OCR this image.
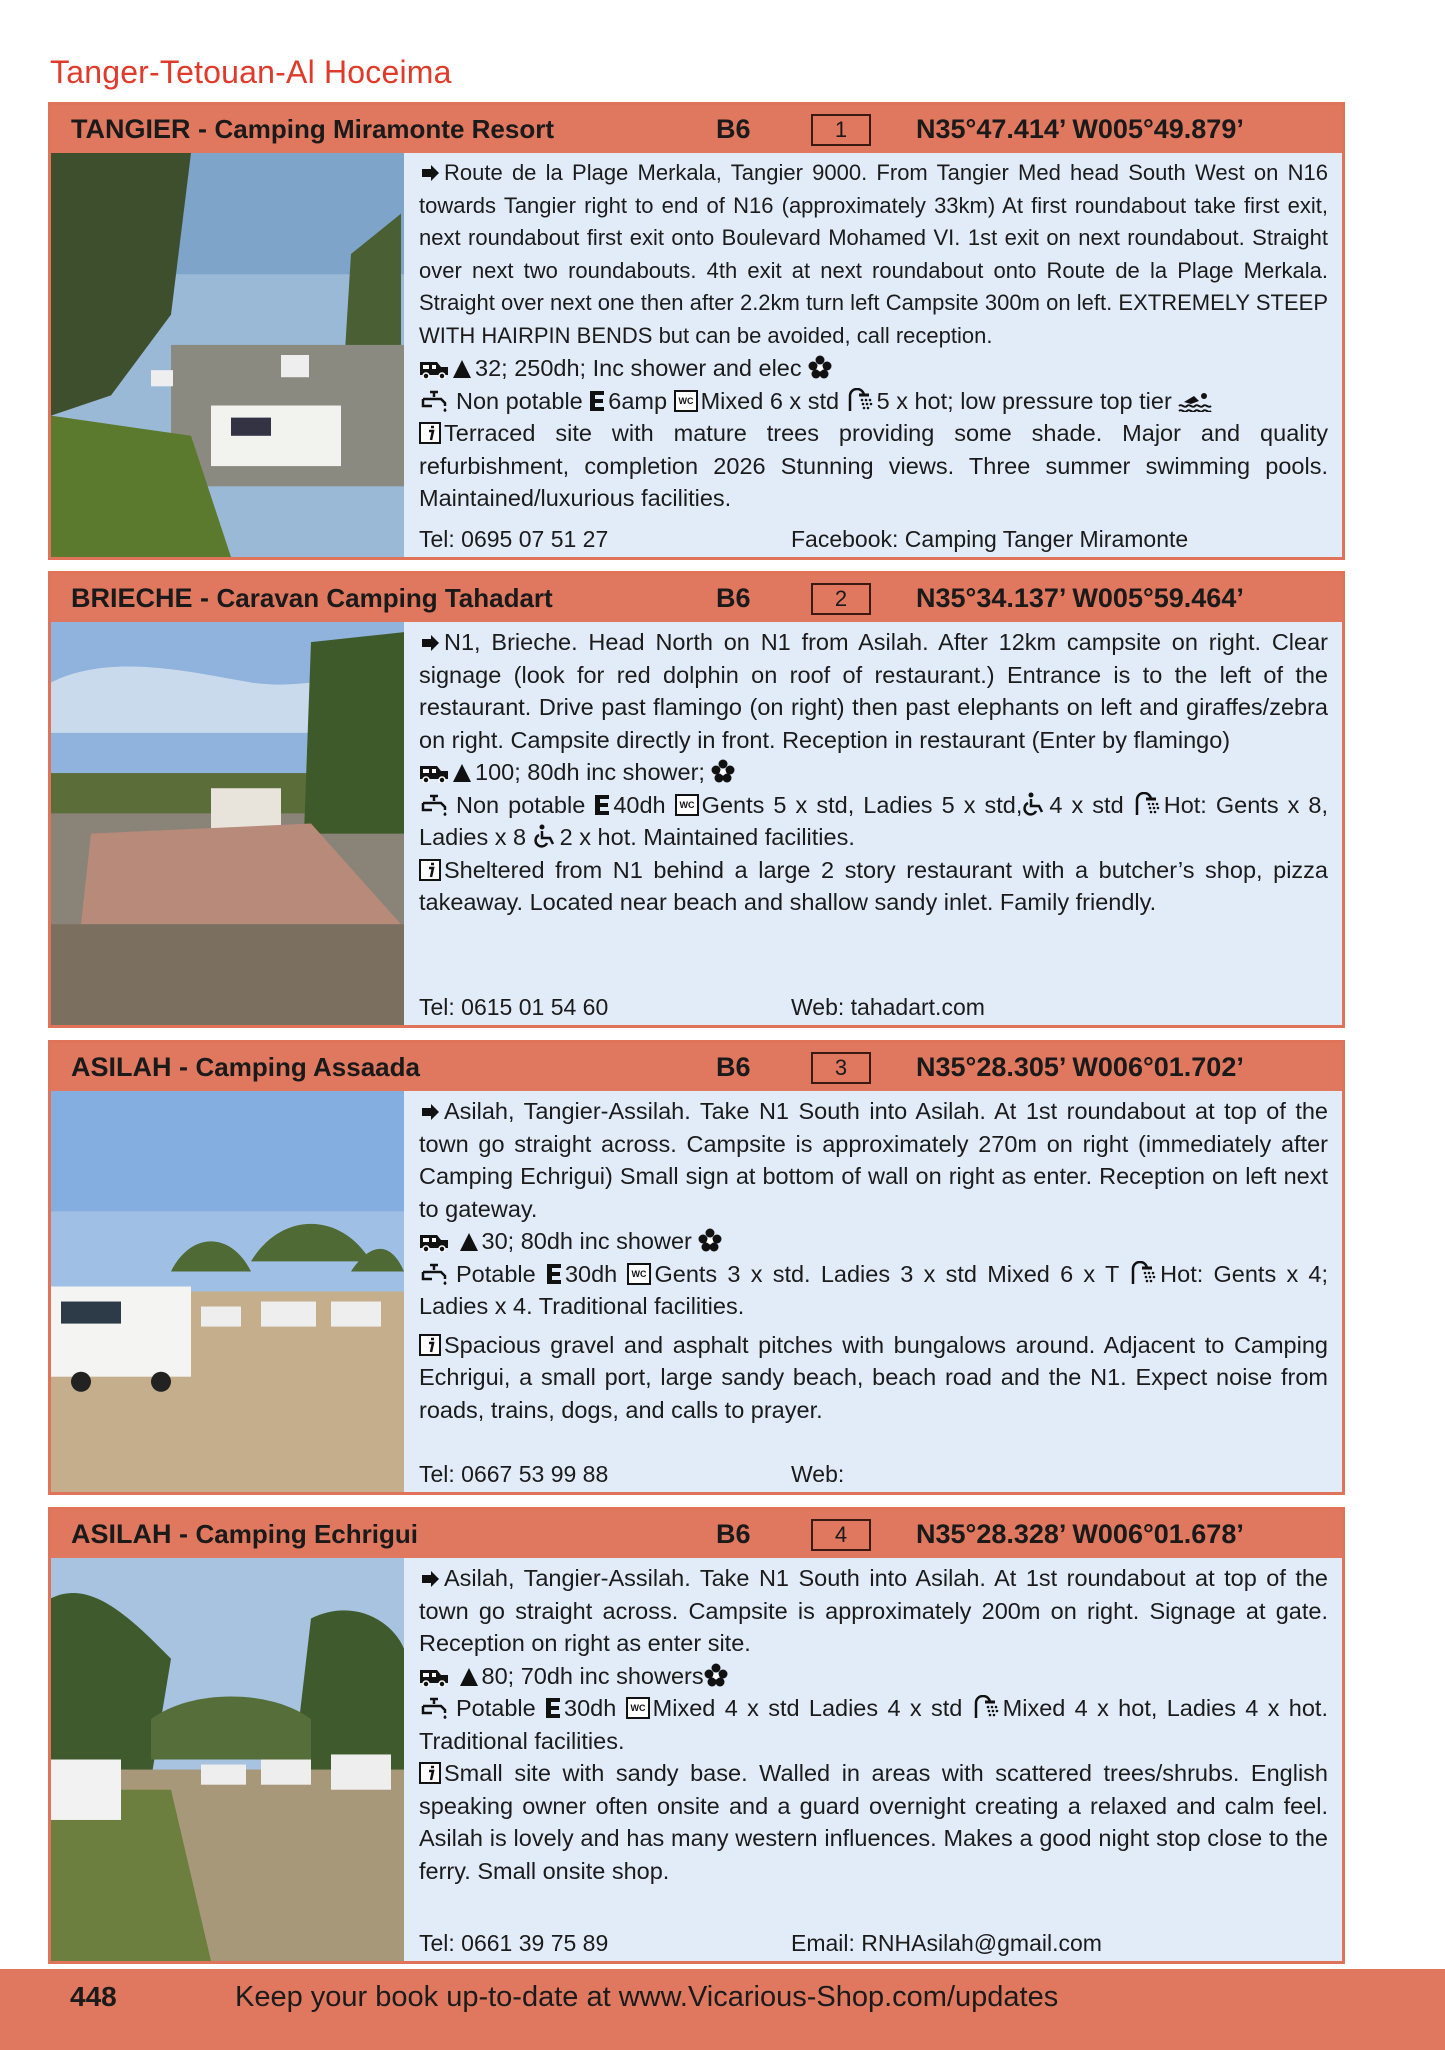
Tanger-Tetouan-Al Hoceima
TANGIER - Camping Miramonte Resort	B6	1	N35°47.414’ W005°49.879’

Route de la Plage Merkala, Tangier 9000. From Tangier Med head South West on N16 towards Tangier right to end of N16 (approximately 33km) At first roundabout take first exit, next roundabout first exit onto Boulevard Mohamed VI. 1st exit on next roundabout. Straight over next two roundabouts. 4th exit at next roundabout onto Route de la Plage Merkala. Straight over next one then after 2.2km turn left Campsite 300m on left. EXTREMELY STEEP WITH HAIRPIN BENDS but can be avoided, call reception.

32; 250dh; Inc shower and elec

Non potable 6amp Mixed 6 x std 5 x hot; low pressure top tier

Terraced site with mature trees providing some shade. Major and quality refurbishment, completion 2026 Stunning views. Three summer swimming pools. Maintained/luxurious facilities.

Tel: 0695 07 51 27	Facebook: Camping Tanger Miramonte
BRIECHE - Caravan Camping Tahadart	B6	2	N35°34.137’ W005°59.464’

N1, Brieche. Head North on N1 from Asilah. After 12km campsite on right. Clear signage (look for red dolphin on roof of restaurant.) Entrance is to the left of the restaurant. Drive past flamingo (on right) then past elephants on left and giraffes/zebra on right. Campsite directly in front. Reception in restaurant (Enter by flamingo)

100; 80dh inc shower;

Non potable 40dh Gents 5 x std, Ladies 5 x std, 4 x std Hot: Gents x 8, Ladies x 8 2 x hot. Maintained facilities.

Sheltered from N1 behind a large 2 story restaurant with a butcher’s shop, pizza takeaway. Located near beach and shallow sandy inlet. Family friendly.

Tel: 0615 01 54 60	Web: tahadart.com
ASILAH - Camping Assaada	B6	3	N35°28.305’ W006°01.702’

Asilah, Tangier-Assilah. Take N1 South into Asilah. At 1st roundabout at top of the town go straight across. Campsite is approximately 270m on right (immediately after Camping Echrigui) Small sign at bottom of wall on right as enter. Reception on left next to gateway.

30; 80dh inc shower

Potable 30dh Gents 3 x std. Ladies 3 x std Mixed 6 x T Hot: Gents x 4; Ladies x 4. Traditional facilities.

Spacious gravel and asphalt pitches with bungalows around. Adjacent to Camping Echrigui, a small port, large sandy beach, beach road and the N1. Expect noise from roads, trains, dogs, and calls to prayer.

Tel: 0667 53 99 88	Web:
ASILAH - Camping Echrigui	B6	4	N35°28.328’ W006°01.678’

Asilah, Tangier-Assilah. Take N1 South into Asilah. At 1st roundabout at top of the town go straight across. Campsite is approximately 200m on right. Signage at gate. Reception on right as enter site.

80; 70dh inc showers

Potable 30dh Mixed 4 x std Ladies 4 x std Mixed 4 x hot, Ladies 4 x hot. Traditional facilities.

Small site with sandy base. Walled in areas with scattered trees/shrubs. English speaking owner often onsite and a guard overnight creating a relaxed and calm feel. Asilah is lovely and has many western influences. Makes a good night stop close to the ferry. Small onsite shop.

Tel: 0661 39 75 89	Email: RNHAsilah@gmail.com
448	Keep your book up-to-date at www.Vicarious-Shop.com/updates
